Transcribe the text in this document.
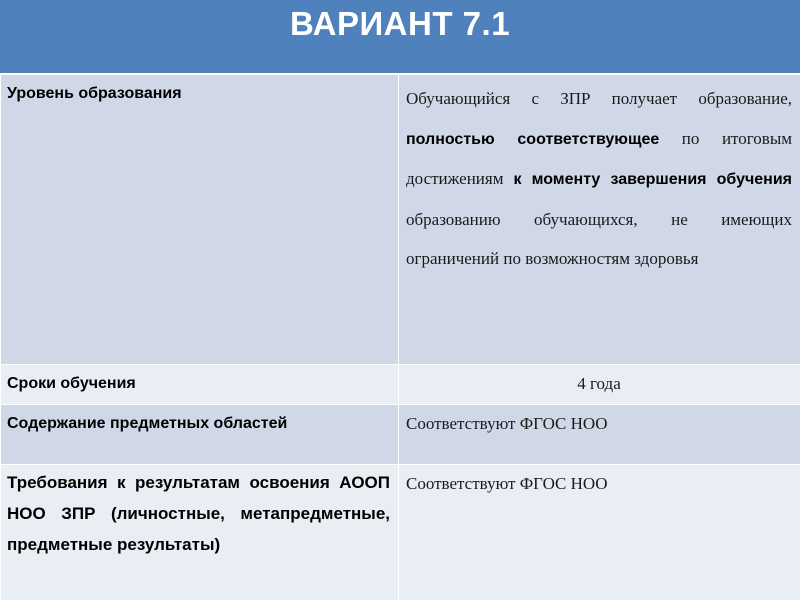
ВАРИАНТ 7.1
Уровень образования	Обучающийся с ЗПР получает образование, полностью соответствующее по итоговым достижениям к моменту завершения обучения образованию обучающихся, не имеющих ограничений по возможностям здоровья

Сроки обучения	4 года

Содержание предметных областей	Соответствуют ФГОС НОО

Требования к результатам освоения АООП НОО ЗПР (личностные, метапредметные, предметные результаты)	Соответствуют ФГОС НОО
